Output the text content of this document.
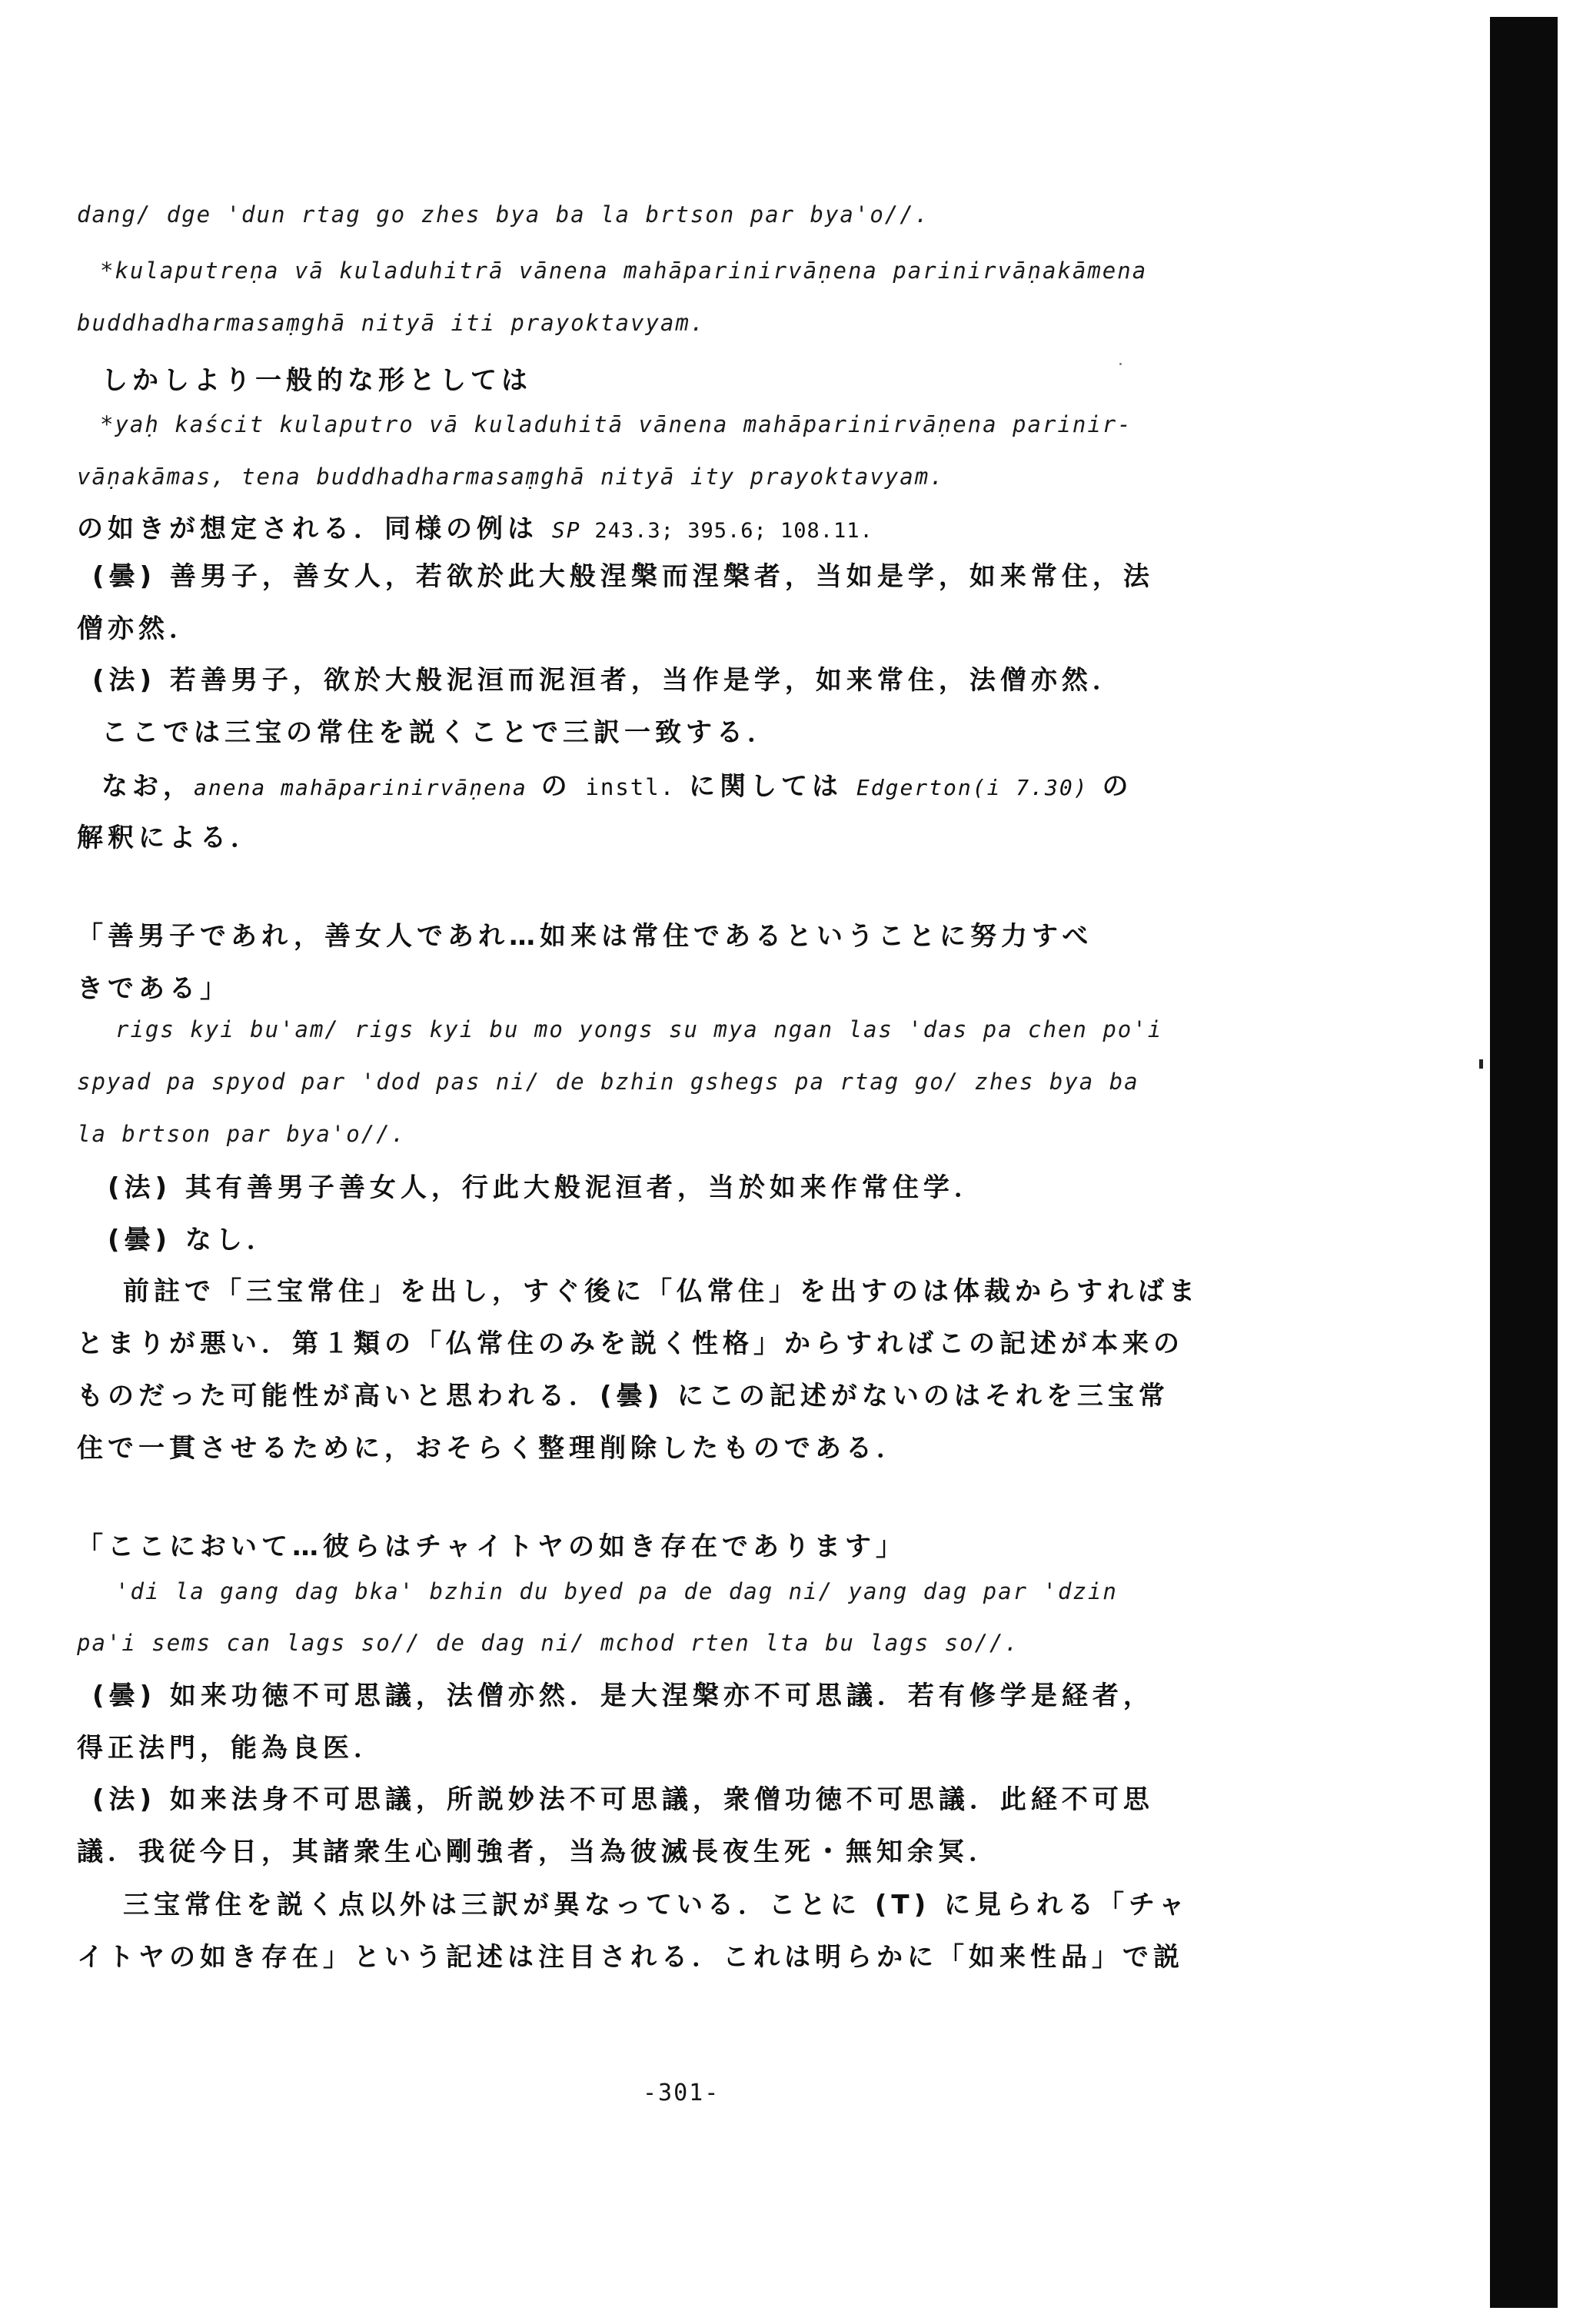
dang/ dge 'dun rtag go zhes bya ba la brtson par bya'o//.

*kulaputreṇa vā kuladuhitrā vānena mahāparinirvāṇena parinirvāṇakāmena

buddhadharmasaṃghā nityā iti prayoktavyam.

しかしより一般的な形としては

*yaḥ kaścit kulaputro vā kuladuhitā vānena mahāparinirvāṇena parinir-

vāṇakāmas, tena buddhadharmasaṃghā nityā ity prayoktavyam.

の如きが想定される．同様の例は SP 243.3; 395.6; 108.11.

(曇) 善男子，善女人，若欲於此大般涅槃而涅槃者，当如是学，如来常住，法

僧亦然．

(法) 若善男子，欲於大般泥洹而泥洹者，当作是学，如来常住，法僧亦然．

ここでは三宝の常住を説くことで三訳一致する．

なお，anena mahāparinirvāṇena の instl. に関しては Edgerton(i 7.30) の

解釈による．

「善男子であれ，善女人であれ…如来は常住であるということに努力すべ

きである」

rigs kyi bu'am/ rigs kyi bu mo yongs su mya ngan las 'das pa chen po'i

spyad pa spyod par 'dod pas ni/ de bzhin gshegs pa rtag go/ zhes bya ba

la brtson par bya'o//.

(法) 其有善男子善女人，行此大般泥洹者，当於如来作常住学．

(曇) なし．

前註で「三宝常住」を出し，すぐ後に「仏常住」を出すのは体裁からすればま

とまりが悪い．第１類の「仏常住のみを説く性格」からすればこの記述が本来の

ものだった可能性が高いと思われる．(曇) にこの記述がないのはそれを三宝常

住で一貫させるために，おそらく整理削除したものである．

「ここにおいて…彼らはチャイトヤの如き存在であります」

'di la gang dag bka' bzhin du byed pa de dag ni/ yang dag par 'dzin

pa'i sems can lags so// de dag ni/ mchod rten lta bu lags so//.

(曇) 如来功徳不可思議，法僧亦然．是大涅槃亦不可思議．若有修学是経者，

得正法門，能為良医．

(法) 如来法身不可思議，所説妙法不可思議，衆僧功徳不可思議．此経不可思

議．我従今日，其諸衆生心剛強者，当為彼滅長夜生死・無知余冥．

三宝常住を説く点以外は三訳が異なっている．ことに (T) に見られる「チャ

イトヤの如き存在」という記述は注目される．これは明らかに「如来性品」で説

-301-
